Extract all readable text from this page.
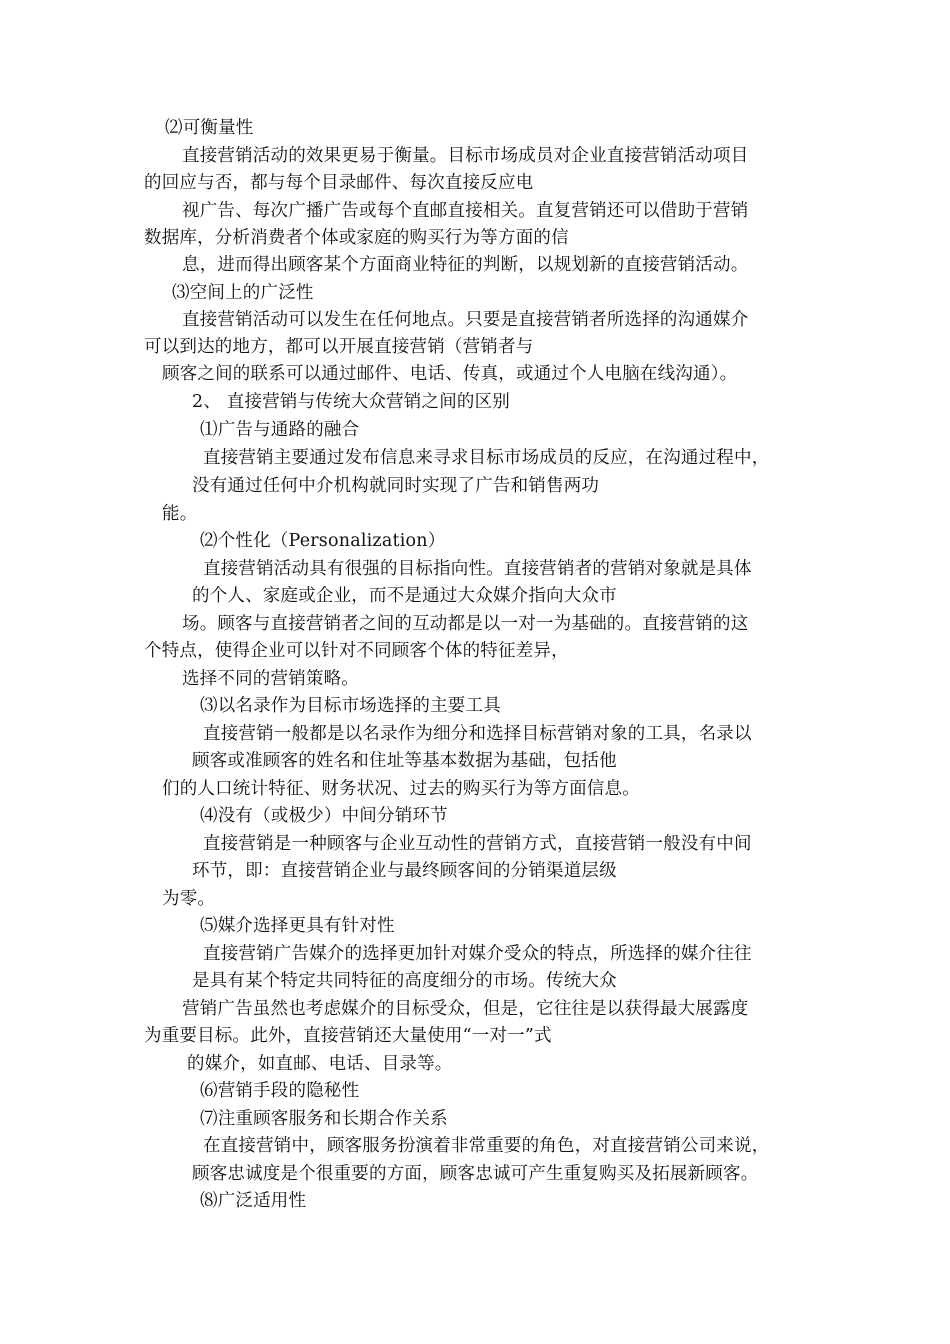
⑵可衡量性
直接营销活动的效果更易于衡量。目标市场成员对企业直接营销活动项目
的回应与否，都与每个目录邮件、每次直接反应电
视广告、每次广播广告或每个直邮直接相关。直复营销还可以借助于营销
数据库，分析消费者个体或家庭的购买行为等方面的信
息，进而得出顾客某个方面商业特征的判断，以规划新的直接营销活动。
⑶空间上的广泛性
直接营销活动可以发生在任何地点。只要是直接营销者所选择的沟通媒介
可以到达的地方，都可以开展直接营销（营销者与
顾客之间的联系可以通过邮件、电话、传真，或通过个人电脑在线沟通）。
2、 直接营销与传统大众营销之间的区别
⑴广告与通路的融合
直接营销主要通过发布信息来寻求目标市场成员的反应，在沟通过程中，
没有通过任何中介机构就同时实现了广告和销售两功
能。
⑵个性化（Personalization）
直接营销活动具有很强的目标指向性。直接营销者的营销对象就是具体
的个人、家庭或企业，而不是通过大众媒介指向大众市
场。顾客与直接营销者之间的互动都是以一对一为基础的。直接营销的这
个特点，使得企业可以针对不同顾客个体的特征差异，
选择不同的营销策略。
⑶以名录作为目标市场选择的主要工具
直接营销一般都是以名录作为细分和选择目标营销对象的工具，名录以
顾客或准顾客的姓名和住址等基本数据为基础，包括他
们的人口统计特征、财务状况、过去的购买行为等方面信息。
⑷没有（或极少）中间分销环节
直接营销是一种顾客与企业互动性的营销方式，直接营销一般没有中间
环节，即：直接营销企业与最终顾客间的分销渠道层级
为零。
⑸媒介选择更具有针对性
直接营销广告媒介的选择更加针对媒介受众的特点，所选择的媒介往往
是具有某个特定共同特征的高度细分的市场。传统大众
营销广告虽然也考虑媒介的目标受众，但是，它往往是以获得最大展露度
为重要目标。此外，直接营销还大量使用“一对一”式
的媒介，如直邮、电话、目录等。
⑹营销手段的隐秘性
⑺注重顾客服务和长期合作关系
在直接营销中，顾客服务扮演着非常重要的角色，对直接营销公司来说，
顾客忠诚度是个很重要的方面，顾客忠诚可产生重复购买及拓展新顾客。
⑻广泛适用性
